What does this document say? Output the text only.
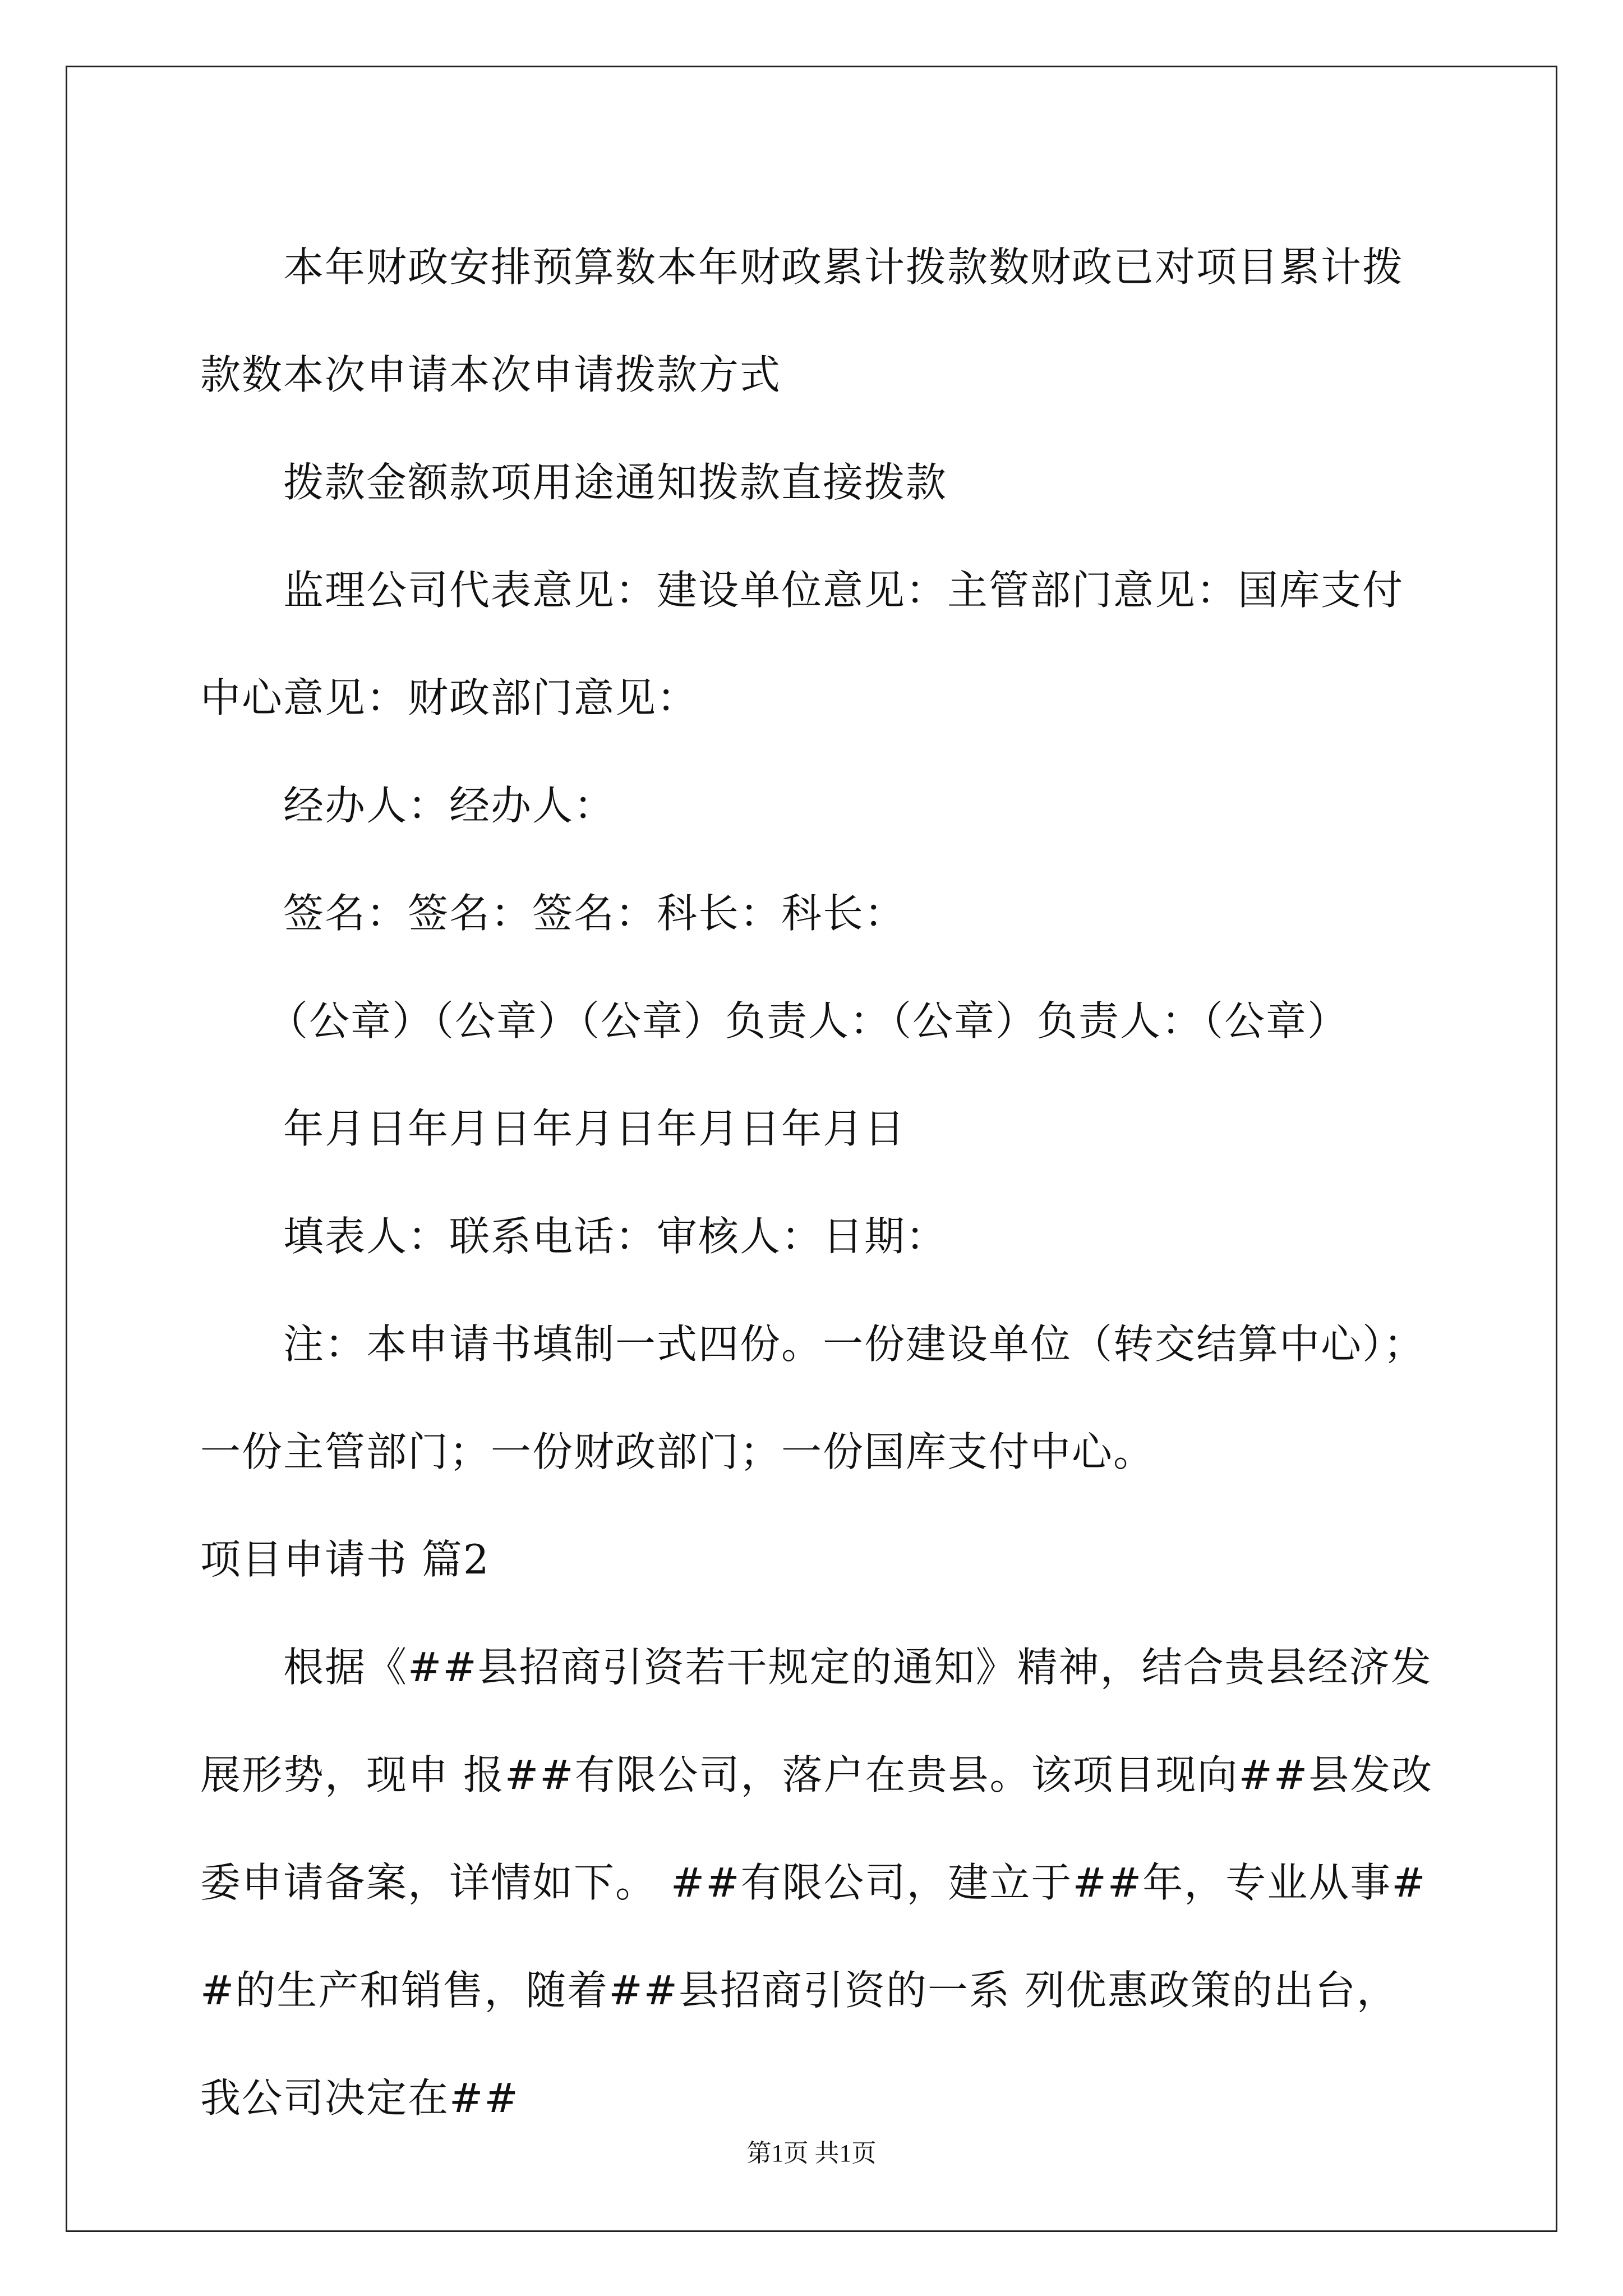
本年财政安排预算数本年财政累计拨款数财政已对项目累计拨款数本次申请本次申请拨款方式

拨款金额款项用途通知拨款直接拨款

监理公司代表意见：建设单位意见：主管部门意见：国库支付中心意见：财政部门意见：

经办人：经办人：

签名：签名：签名：科长：科长：

（公章）（公章）（公章）负责人：（公章）负责人：（公章）

年月日年月日年月日年月日年月日

填表人：联系电话：审核人：日期：

注：本申请书填制一式四份。一份建设单位（转交结算中心）；一份主管部门；一份财政部门；一份国库支付中心。

项目申请书 篇2

根据《##县招商引资若干规定的通知》精神，结合贵县经济发展形势，现申 报##有限公司，落户在贵县。该项目现向##县发改委申请备案，详情如下。 ##有限公司，建立于##年，专业从事##的生产和销售，随着##县招商引资的一系 列优惠政策的出台， 我公司决定在##

第1页 共1页
